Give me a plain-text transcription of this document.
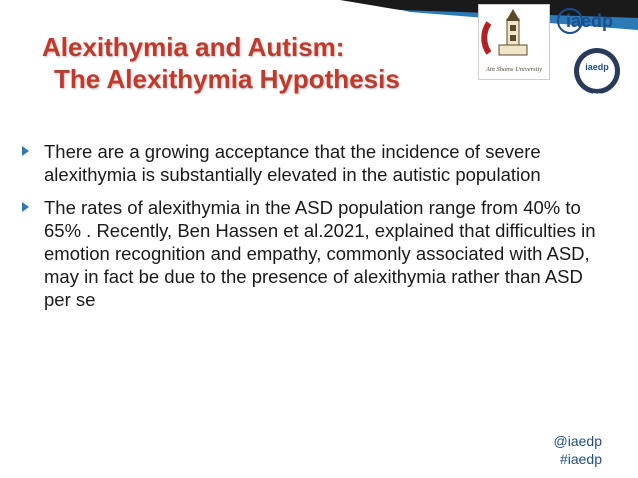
Alexithymia and Autism:
The Alexithymia Hypothesis	Ain Shams University
iaedp
iaedp
CEDS
There are a growing acceptance that the incidence of severe alexithymia is substantially elevated in the autistic population
The rates of alexithymia in the ASD population range from 40% to 65% . Recently, Ben Hassen et al.2021, explained that difficulties in emotion recognition and empathy, commonly associated with ASD, may in fact be due to the presence of alexithymia rather than ASD per se
@iaedp
#iaedp
